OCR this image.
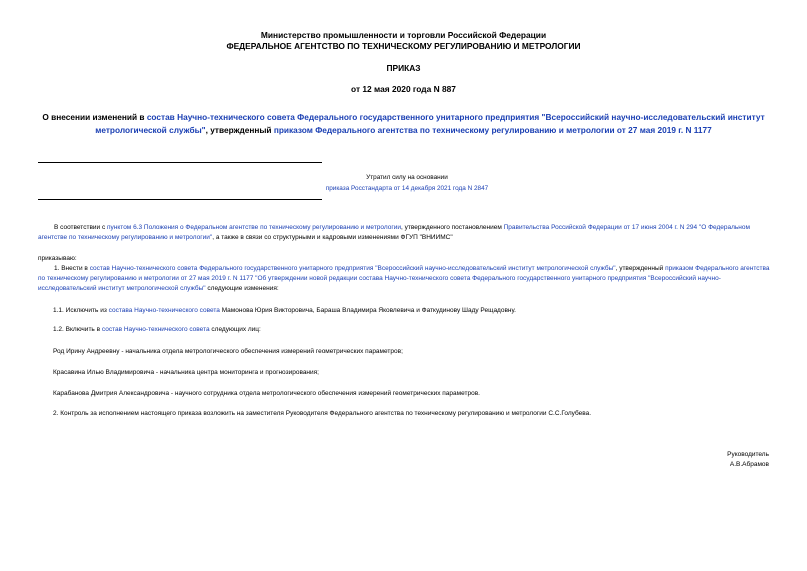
Министерство промышленности и торговли Российской Федерации
ФЕДЕРАЛЬНОЕ АГЕНТСТВО ПО ТЕХНИЧЕСКОМУ РЕГУЛИРОВАНИЮ И МЕТРОЛОГИИ
ПРИКАЗ
от 12 мая 2020 года N 887
О внесении изменений в состав Научно-технического совета Федерального государственного унитарного предприятия "Всероссийский научно-исследовательский институт метрологической службы", утвержденный приказом Федерального агентства по техническому регулированию и метрологии от 27 мая 2019 г. N 1177
Утратил силу на основании
приказа Росстандарта от 14 декабря 2021 года N 2847
В соответствии с пунктом 6.3 Положения о Федеральном агентстве по техническому регулированию и метрологии, утвержденного постановлением Правительства Российской Федерации от 17 июня 2004 г. N 294 "О Федеральном агентстве по техническому регулированию и метрологии", а также в связи со структурными и кадровыми изменениями ФГУП "ВНИИМС"
приказываю:
1. Внести в состав Научно-технического совета Федерального государственного унитарного предприятия "Всероссийский научно-исследовательский институт метрологической службы", утвержденный приказом Федерального агентства по техническому регулированию и метрологии от 27 мая 2019 г. N 1177 "Об утверждении новой редакции состава Научно-технического совета Федерального государственного унитарного предприятия "Всероссийский научно-исследовательский институт метрологической службы" следующие изменения:
1.1. Исключить из состава Научно-технического совета Мамонова Юрия Викторовича, Бараша Владимира Яковлевича и Фаткудинову Шаду Рещадовну.
1.2. Включить в состав Научно-технического совета следующих лиц:
Род Ирину Андреевну - начальника отдела метрологического обеспечения измерений геометрических параметров;
Красавина Илью Владимировича - начальника центра мониторинга и прогнозирования;
Карабанова Дмитрия Александровича - научного сотрудника отдела метрологического обеспечения измерений геометрических параметров.
2. Контроль за исполнением настоящего приказа возложить на заместителя Руководителя Федерального агентства по техническому регулированию и метрологии С.С.Голубева.
Руководитель
А.В.Абрамов
